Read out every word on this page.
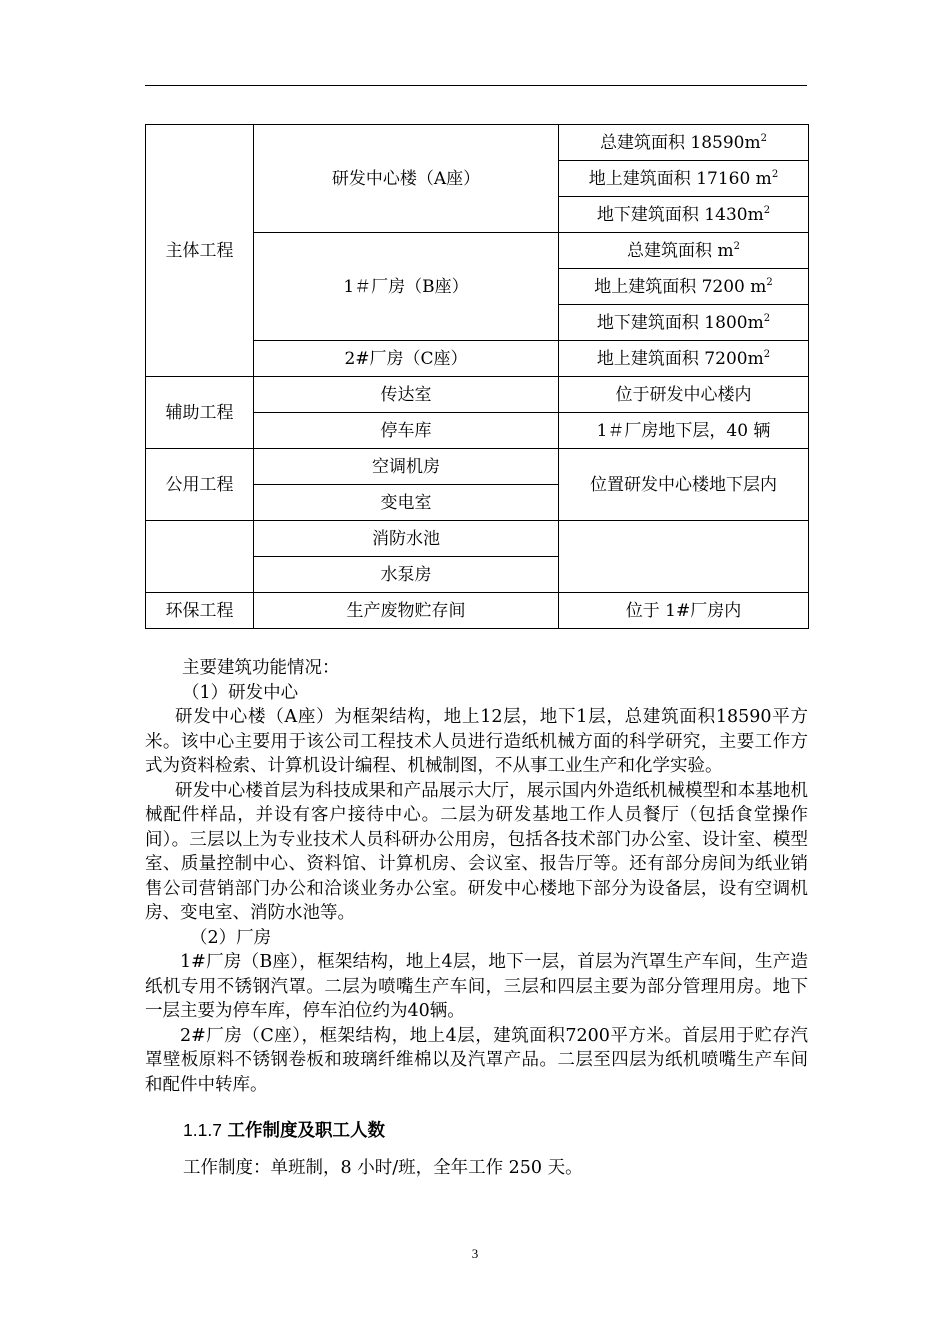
主体工程	研发中心楼（A座）	总建筑面积 $18590m^2$
		地上建筑面积 17160 $m^2$
		地下建筑面积 $1430m^2$
	1＃厂房（B座）	总建筑面积 $m^2$
		地上建筑面积 7200 $m^2$
		地下建筑面积 $1800m^2$
	2#厂房（C座）	地上建筑面积 $7200m^2$
辅助工程	传达室	位于研发中心楼内
	停车库	1＃厂房地下层，40 辆
公用工程	空调机房	位置研发中心楼地下层内
	变电室	
	消防水池	
	水泵房	
环保工程	生产废物贮存间	位于 1#厂房内

主要建筑功能情况：

（1）研发中心

研发中心楼（A座）为框架结构，地上12层，地下1层，总建筑面积18590平方米。该中心主要用于该公司工程技术人员进行造纸机械方面的科学研究，主要工作方式为资料检索、计算机设计编程、机械制图，不从事工业生产和化学实验。

研发中心楼首层为科技成果和产品展示大厅，展示国内外造纸机械模型和本基地机械配件样品，并设有客户接待中心。二层为研发基地工作人员餐厅（包括食堂操作间）。三层以上为专业技术人员科研办公用房，包括各技术部门办公室、设计室、模型室、质量控制中心、资料馆、计算机房、会议室、报告厅等。还有部分房间为纸业销售公司营销部门办公和洽谈业务办公室。研发中心楼地下部分为设备层，设有空调机房、变电室、消防水池等。

（2）厂房

1#厂房（B座），框架结构，地上4层，地下一层，首层为汽罩生产车间，生产造纸机专用不锈钢汽罩。二层为喷嘴生产车间，三层和四层主要为部分管理用房。地下一层主要为停车库，停车泊位约为40辆。

2#厂房（C座），框架结构，地上4层，建筑面积7200平方米。首层用于贮存汽罩壁板原料不锈钢卷板和玻璃纤维棉以及汽罩产品。二层至四层为纸机喷嘴生产车间和配件中转库。

1.1.7 工作制度及职工人数
工作制度：单班制，8 小时/班，全年工作 250 天。
3
